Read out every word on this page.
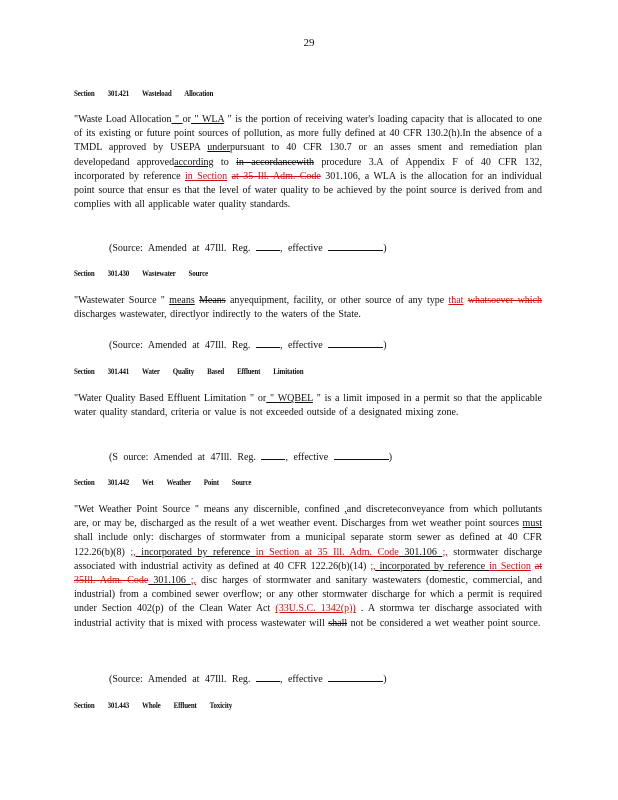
29
Section 301.421 Wasteload Allocation
"Waste Load Allocation " or " WLA " is the portion of receiving water's loading capacity that is allocated to one of its existing or future point sources of pollution, as more fully defined at 40 CFR 130.2(h).In the absence of a TMDL approved by USEPA underpursuant to 40 CFR 130.7 or an asses sment and remediation plan developedand approvedaccording to in accordancewith procedure 3.A of Appendix F of 40 CFR 132, incorporated by reference in Section at 35 Ill. Adm. Code 301.106, a WLA is the allocation for an individual point source that ensur es that the level of water quality to be achieved by the point source is derived from and complies with all applicable water quality standards.
(Source: Amended at 47Ill. Reg.	, effective	)
Section 301.430 Wastewater Source
"Wastewater Source " means Means anyequipment, facility, or other source of any type that whatsoever which discharges wastewater, directlyor indirectly to the waters of the State.
(Source: Amended at 47Ill. Reg.	, effective	)
Section 301.441 Water Quality Based Effluent Limitation
"Water Quality Based Effluent Limitation " or " WQBEL " is a limit imposed in a permit so that the applicable water quality standard, criteria or value is not exceeded outside of a designated mixing zone.
(S ource: Amended at 47Ill. Reg.	, effective	)
Section 301.442 Wet Weather Point Source
"Wet Weather Point Source " means any discernible, confined ,and discreteconveyance from which pollutants are, or may be, discharged as the result of a wet weather event. Discharges from wet weather point sources must shall include only: discharges of stormwater from a municipal separate storm sewer as defined at 40 CFR 122.26(b)(8) ;, incorporated by reference in Section at 35 Ill. Adm. Code 301.106 ;, stormwater discharge associated with industrial activity as defined at 40 CFR 122.26(b)(14) ;, incorporated by reference in Section at 35Ill. Adm. Code 301.106 ;, disc harges of stormwater and sanitary wastewaters (domestic, commercial, and industrial) from a combined sewer overflow; or any other stormwater discharge for which a permit is required under Section 402(p) of the Clean Water Act (33U.S.C. 1342(p)) . A stormwa ter discharge associated with industrial activity that is mixed with process wastewater will shall not be considered a wet weather point source.
(Source: Amended at 47Ill. Reg.	, effective	)
Section 301.443 Whole Effluent Toxicity
